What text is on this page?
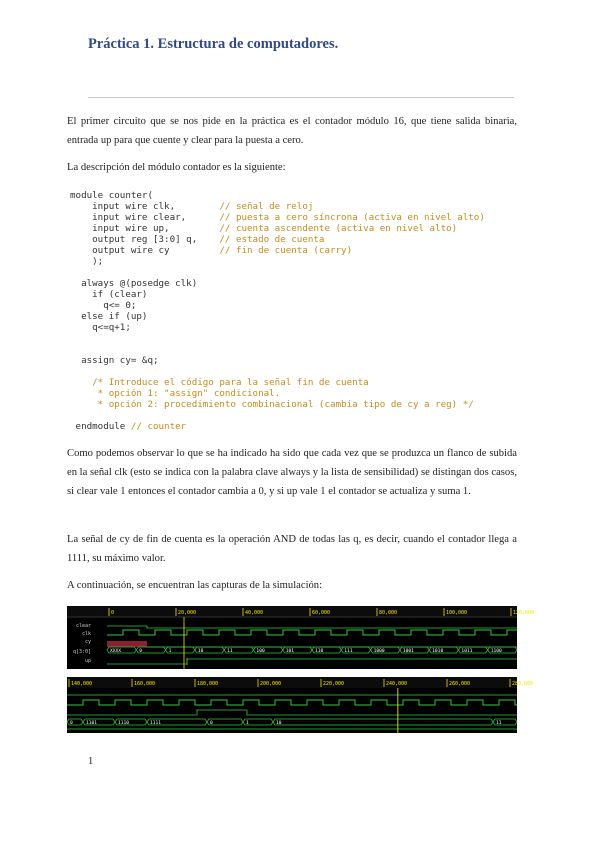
Práctica 1. Estructura de computadores.
El primer circuito que se nos pide en la práctica es el contador módulo 16, que tiene salida binaria, entrada up para que cuente y clear para la puesta a cero.
La descripción del módulo contador es la siguiente:
module counter(
input wire clk,        // señal de reloj
input wire clear,      // puesta a cero síncrona (activa en nivel alto)
input wire up,         // cuenta ascendente (activa en nivel alto)
output reg [3:0] q,    // estado de cuenta
output wire cy         // fin de cuenta (carry)
);

always @(posedge clk)
if (clear)
q<= 0;
else if (up)
q<=q+1;

assign cy= &q;

/* Introduce el código para la señal fin de cuenta
* opción 1: "assign" condicional.
* opción 2: procedimiento combinacional (cambia tipo de cy a reg) */

endmodule // counter
Como podemos observar lo que se ha indicado ha sido que cada vez que se produzca un flanco de subida en la señal clk (esto se indica con la palabra clave always y la lista de sensibilidad) se distingan dos casos, si clear vale 1 entonces el contador cambia a 0, y si up vale 1 el contador se actualiza y suma 1.
La señal de cy de fin de cuenta es la operación AND de todas las q, es decir, cuando el contador llega a 1111, su máximo valor.
A continuación, se encuentran las capturas de la simulación:
0	20,000	40,000	60,000	80,000	100,000	120,000
clear
clk
cy
q[3:0]
up
XXXX	0	1	10	11	100	101	110	111	1000	1001	1010	1011	1100
140,000	160,000	180,000	200,000	220,000	240,000	260,000	280,000
0	1101	1110	1111	0	1	10	11
1
